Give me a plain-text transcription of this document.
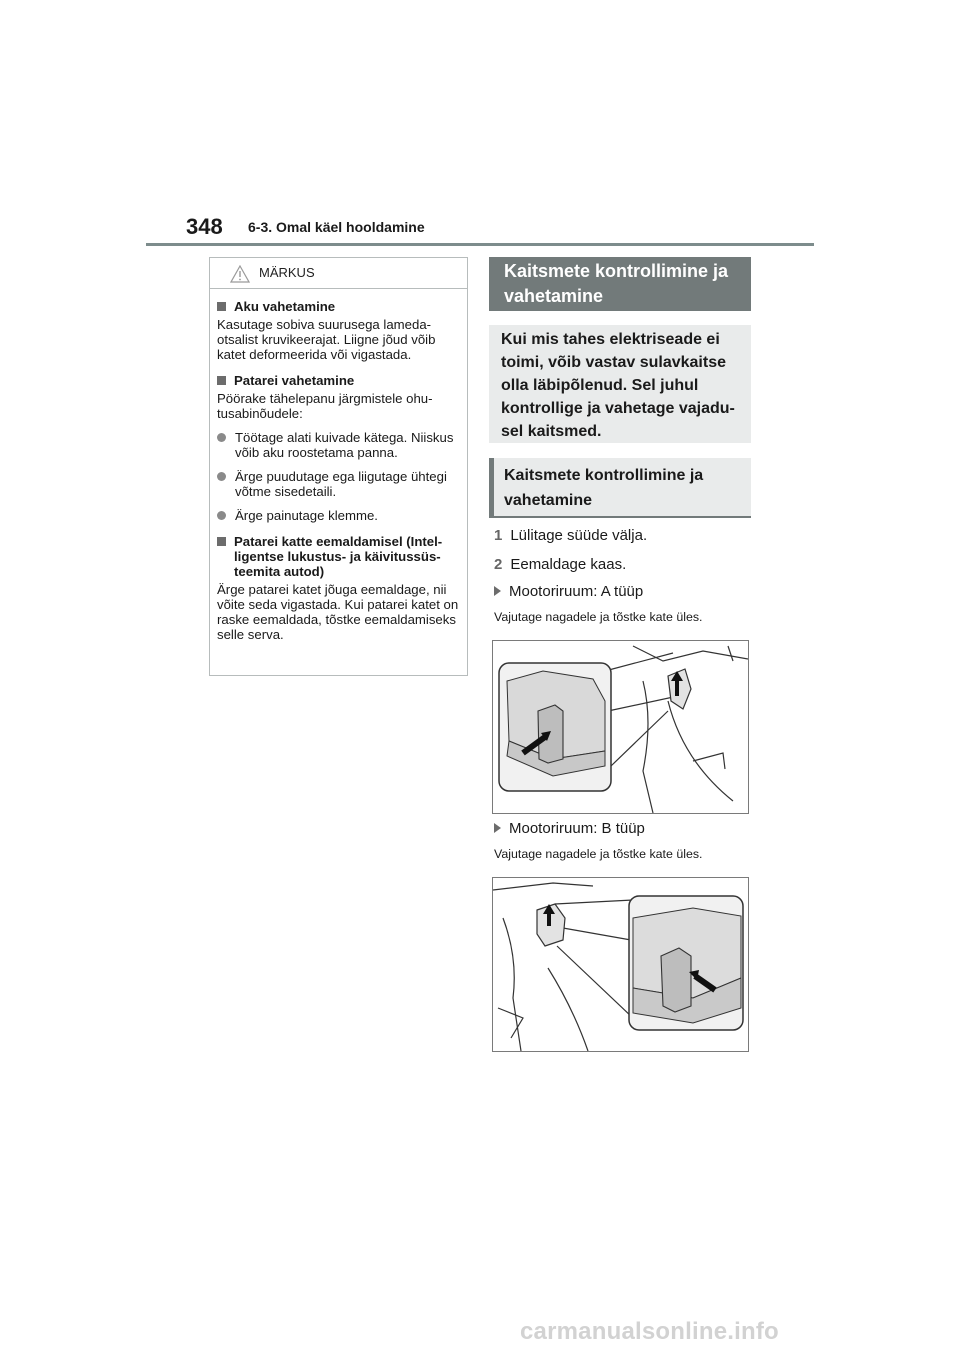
348 6-3. Omal käel hooldamine
MÄRKUS
Aku vahetamine

Kasutage sobiva suurusega lameda-otsalist kruvikeerajat. Liigne jõud võib katet deformeerida või vigastada.

Patarei vahetamine

Pöörake tähelepanu järgmistele ohu-tusabinõudele:

Töötage alati kuivade kätega. Niiskus võib aku roostetama panna.
Ärge puudutage ega liigutage ühtegi võtme sisedetaili.
Ärge painutage klemme.
Patarei katte eemaldamisel (Intel-ligentse lukustus- ja käivitussüs-teemita autod)

Ärge patarei katet jõuga eemaldage, nii võite seda vigastada. Kui patarei katet on raske eemaldada, tõstke eemaldamiseks selle serva.

Kaitsmete kontrollimine ja vahetamine
Kui mis tahes elektriseade ei toimi, võib vastav sulavkaitse olla läbipõlenud. Sel juhul kontrollige ja vahetage vajadu-sel kaitsmed.
Kaitsmete kontrollimine ja vahetamine
1 Lülitage süüde välja.
2 Eemaldage kaas.
Mootoriruum: A tüüp
Vajutage nagadele ja tõstke kate üles.
Mootoriruum: B tüüp
Vajutage nagadele ja tõstke kate üles.
carmanualsonline.info
